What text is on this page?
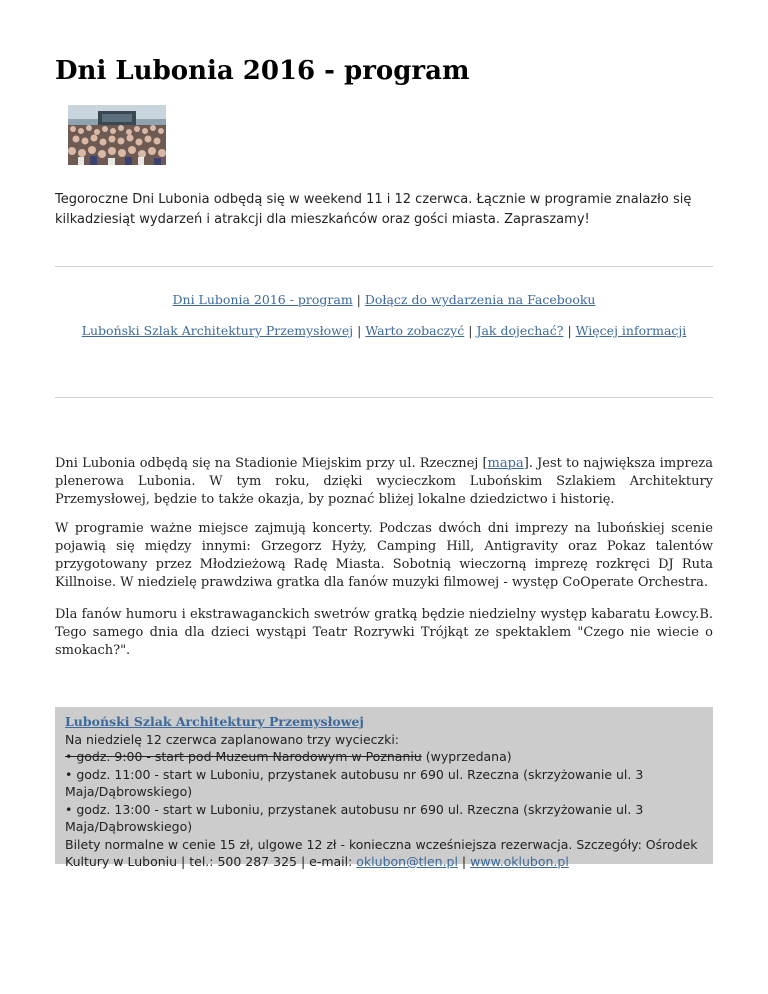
Dni Lubonia 2016 - program

Tegoroczne Dni Lubonia odbędą się w weekend 11 i 12 czerwca. Łącznie w programie znalazło się kilkadziesiąt wydarzeń i atrakcji dla mieszkańców oraz gości miasta. Zapraszamy!

Dni Lubonia 2016 - program | Dołącz do wydarzenia na Facebooku
Luboński Szlak Architektury Przemysłowej | Warto zobaczyć | Jak dojechać? | Więcej informacji

Dni Lubonia odbędą się na Stadionie Miejskim przy ul. Rzecznej [mapa]. Jest to największa impreza plenerowa Lubonia. W tym roku, dzięki wycieczkom Lubońskim Szlakiem Architektury Przemysłowej, będzie to także okazja, by poznać bliżej lokalne dziedzictwo i historię.

W programie ważne miejsce zajmują koncerty. Podczas dwóch dni imprezy na lubońskiej scenie pojawią się między innymi: Grzegorz Hyży, Camping Hill, Antigravity oraz Pokaz talentów przygotowany przez Młodzieżową Radę Miasta. Sobotnią wieczorną imprezę rozkręci DJ Ruta Killnoise. W niedzielę prawdziwa gratka dla fanów muzyki filmowej - występ CoOperate Orchestra.

Dla fanów humoru i ekstrawaganckich swetrów gratką będzie niedzielny występ kabaratu Łowcy.B. Tego samego dnia dla dzieci wystąpi Teatr Rozrywki Trójkąt ze spektaklem "Czego nie wiecie o smokach?".

Luboński Szlak Architektury Przemysłowej
Na niedzielę 12 czerwca zaplanowano trzy wycieczki:
• godz. 9:00 - start pod Muzeum Narodowym w Poznaniu (wyprzedana)
• godz. 11:00 - start w Luboniu, przystanek autobusu nr 690 ul. Rzeczna (skrzyżowanie ul. 3 Maja/Dąbrowskiego)
• godz. 13:00 - start w Luboniu, przystanek autobusu nr 690 ul. Rzeczna (skrzyżowanie ul. 3 Maja/Dąbrowskiego)
Bilety normalne w cenie 15 zł, ulgowe 12 zł - konieczna wcześniejsza rezerwacja. Szczegóły: Ośrodek Kultury w Luboniu | tel.: 500 287 325 | e-mail: oklubon@tlen.pl | www.oklubon.pl
